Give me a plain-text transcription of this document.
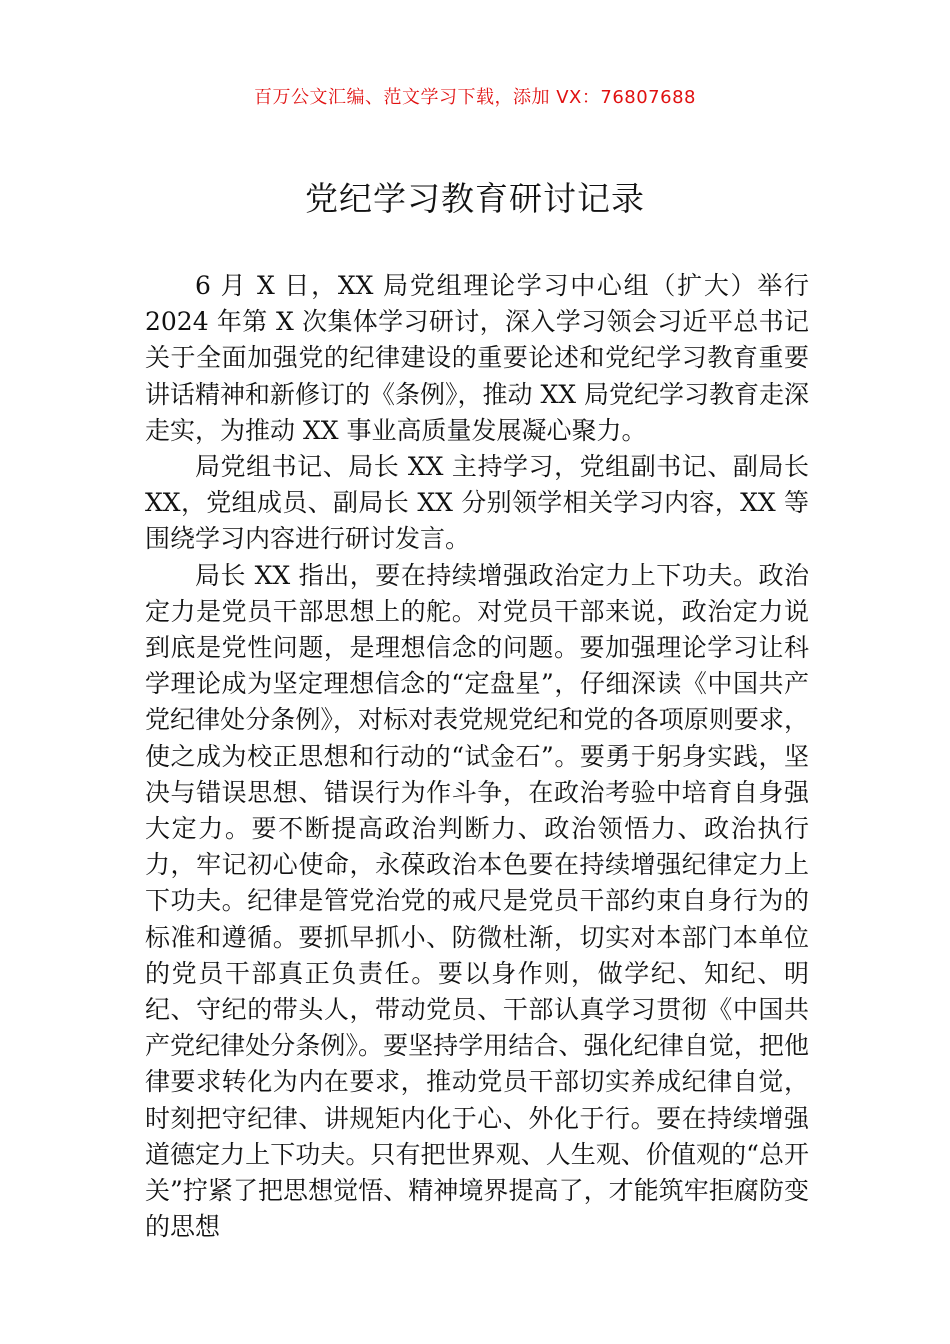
百万公文汇编、范文学习下载，添加 VX：76807688
党纪学习教育研讨记录

6 月 X 日，XX 局党组理论学习中心组（扩大）举行 2024 年第 X 次集体学习研讨，深入学习领会习近平总书记关于全面加强党的纪律建设的重要论述和党纪学习教育重要讲话精神和新修订的《条例》，推动 XX 局党纪学习教育走深走实，为推动 XX 事业高质量发展凝心聚力。

局党组书记、局长 XX 主持学习，党组副书记、副局长 XX，党组成员、副局长 XX 分别领学相关学习内容，XX 等围绕学习内容进行研讨发言。

局长 XX 指出，要在持续增强政治定力上下功夫。政治定力是党员干部思想上的舵。对党员干部来说，政治定力说到底是党性问题，是理想信念的问题。要加强理论学习让科学理论成为坚定理想信念的“定盘星”，仔细深读《中国共产党纪律处分条例》，对标对表党规党纪和党的各项原则要求，使之成为校正思想和行动的“试金石”。要勇于躬身实践，坚决与错误思想、错误行为作斗争，在政治考验中培育自身强大定力。要不断提高政治判断力、政治领悟力、政治执行力，牢记初心使命，永葆政治本色要在持续增强纪律定力上下功夫。纪律是管党治党的戒尺是党员干部约束自身行为的标准和遵循。要抓早抓小、防微杜渐，切实对本部门本单位的党员干部真正负责任。要以身作则，做学纪、知纪、明纪、守纪的带头人，带动党员、干部认真学习贯彻《中国共产党纪律处分条例》。要坚持学用结合、强化纪律自觉，把他律要求转化为内在要求，推动党员干部切实养成纪律自觉，时刻把守纪律、讲规矩内化于心、外化于行。要在持续增强道德定力上下功夫。只有把世界观、人生观、价值观的“总开关”拧紧了把思想觉悟、精神境界提高了，才能筑牢拒腐防变的思想
